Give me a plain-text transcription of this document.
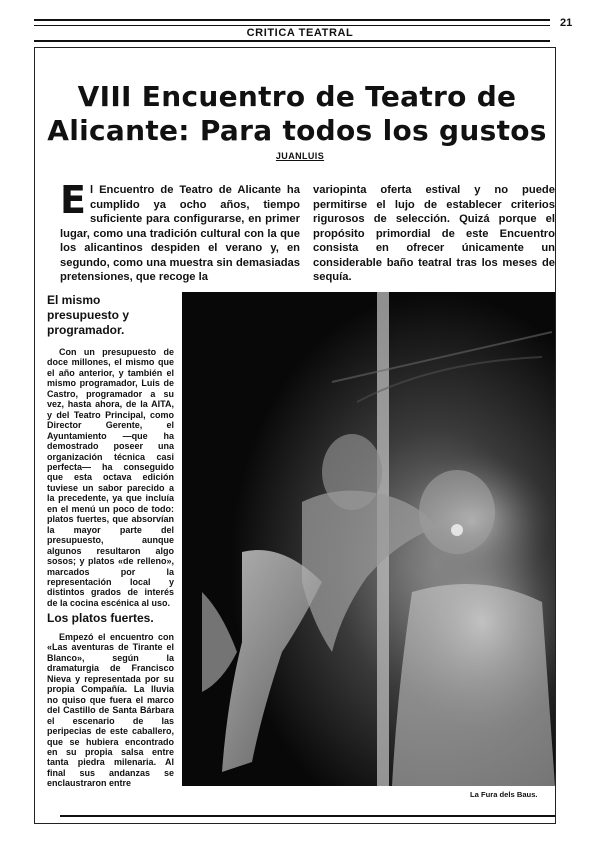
CRITICA TEATRAL
21
VIII Encuentro de Teatro de
Alicante: Para todos los gustos
JUANLUIS

El Encuentro de Teatro de Alicante ha cumplido ya ocho años, tiempo suficiente para configurarse, en primer lugar, como una tradición cultural con la que los alicantinos despiden el verano y, en segundo, como una muestra sin demasiadas pretensiones, que recoge la

variopinta oferta estival y no puede permitirse el lujo de establecer criterios rigurosos de selección. Quizá porque el propósito primordial de este Encuentro consista en ofrecer únicamente un considerable baño teatral tras los meses de sequía.

El mismo presupuesto y programador.

Con un presupuesto de doce millones, el mismo que el año anterior, y también el mismo programador, Luis de Castro, programador a su vez, hasta ahora, de la AITA, y del Teatro Principal, como Director Gerente, el Ayuntamiento —que ha demostrado poseer una organización técnica casi perfecta— ha conseguido que esta octava edición tuviese un sabor parecido a la precedente, ya que incluía en el menú un poco de todo: platos fuertes, que absorvían la mayor parte del presupuesto, aunque algunos resultaron algo sosos; y platos «de relleno», marcados por la representación local y distintos grados de interés de la cocina escénica al uso.

Los platos fuertes.

Empezó el encuentro con «Las aventuras de Tirante el Blanco», según la dramaturgia de Francisco Nieva y representada por su propia Compañía. La lluvia no quiso que fuera el marco del Castillo de Santa Bárbara el escenario de las peripecias de este caballero, que se hubiera encontrado en su propia salsa entre tanta piedra milenaria. Al final sus andanzas se enclaustraron entre

La Fura dels Baus.
